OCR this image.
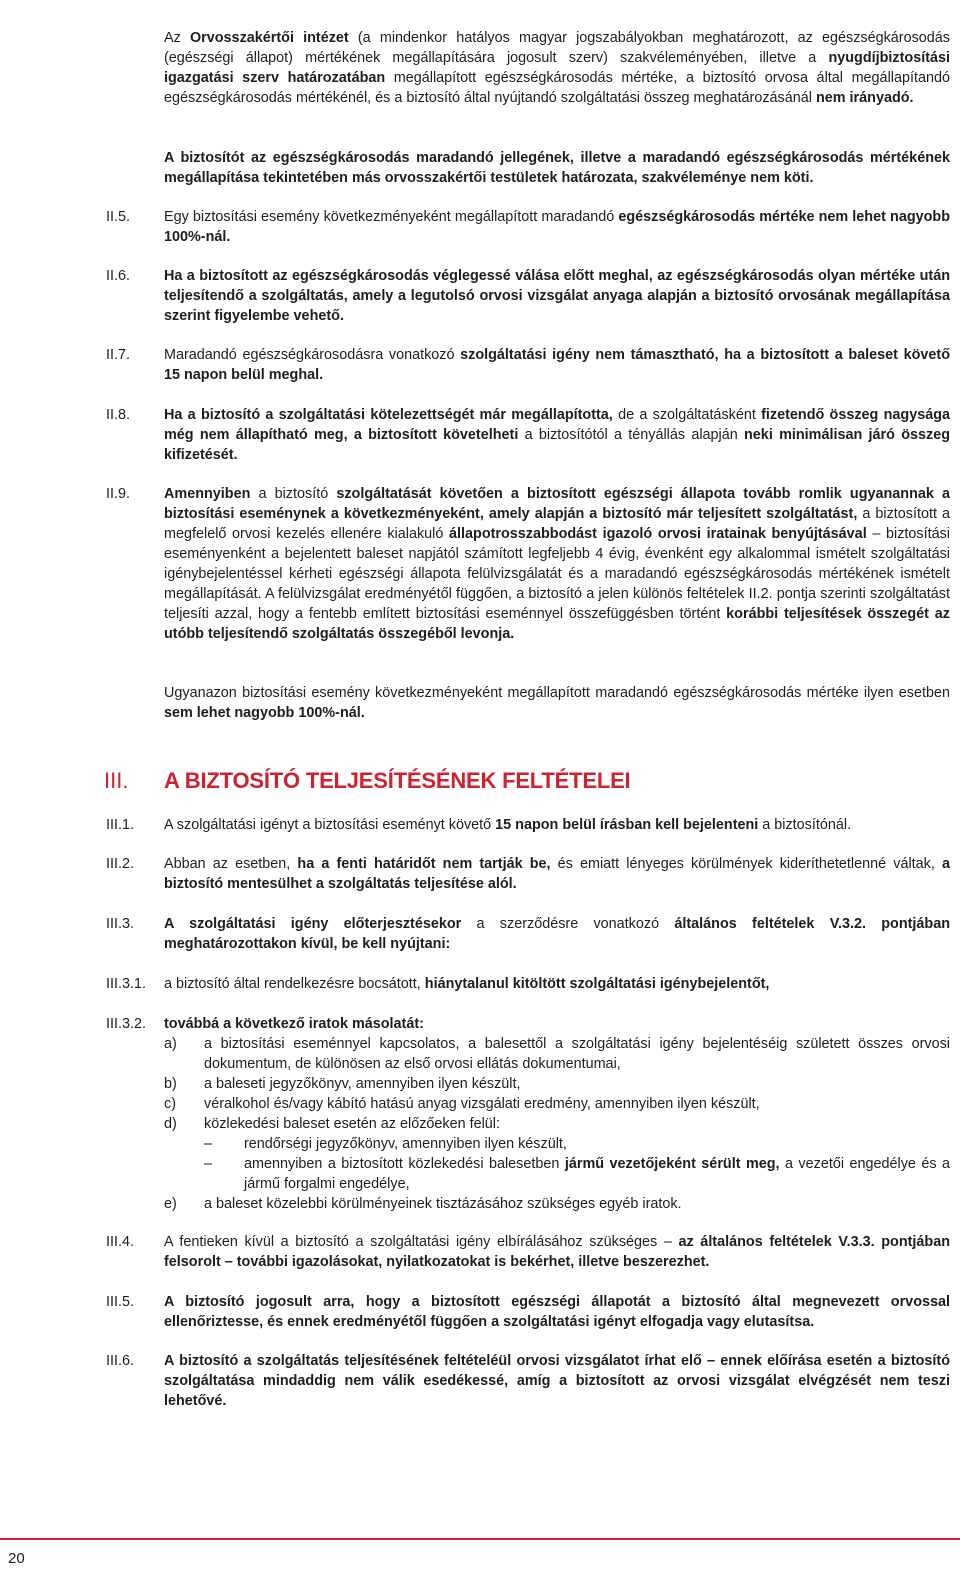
Az Orvosszakértői intézet (a mindenkor hatályos magyar jogszabályokban meghatározott, az egészségkárosodás (egészségi állapot) mértékének megállapítására jogosult szerv) szakvéleményében, illetve a nyugdíjbiztosítási igazgatási szerv határozatában megállapított egészségkárosodás mértéke, a biztosító orvosa által megállapítandó egészségkárosodás mértékénél, és a biztosító által nyújtandó szolgáltatási összeg meghatározásánál nem irányadó.

A biztosítót az egészségkárosodás maradandó jellegének, illetve a maradandó egészségkárosodás mértékének megállapítása tekintetében más orvosszakértői testületek határozata, szakvéleménye nem köti.

II.5. Egy biztosítási esemény következményeként megállapított maradandó egészségkárosodás mértéke nem lehet nagyobb 100%-nál.

II.6. Ha a biztosított az egészségkárosodás véglegessé válása előtt meghal, az egészségkárosodás olyan mértéke után teljesítendő a szolgáltatás, amely a legutolsó orvosi vizsgálat anyaga alapján a biztosító orvosának megállapítása szerint figyelembe vehető.

II.7. Maradandó egészségkárosodásra vonatkozó szolgáltatási igény nem támasztható, ha a biztosított a baleset követő 15 napon belül meghal.

II.8. Ha a biztosító a szolgáltatási kötelezettségét már megállapította, de a szolgáltatásként fizetendő összeg nagysága még nem állapítható meg, a biztosított követelheti a biztosítótól a tényállás alapján neki minimálisan járó összeg kifizetését.

II.9. Amennyiben a biztosító szolgáltatását követően a biztosított egészségi állapota tovább romlik ugyanannak a biztosítási eseménynek a következményeként, amely alapján a biztosító már teljesített szolgáltatást, a biztosított a megfelelő orvosi kezelés ellenére kialakuló állapotrosszabbodást igazoló orvosi iratainak benyújtásával – biztosítási eseményenként a bejelentett baleset napjától számított legfeljebb 4 évig, évenként egy alkalommal ismételt szolgáltatási igénybejelentéssel kérheti egészségi állapota felülvizsgálatát és a maradandó egészségkárosodás mértékének ismételt megállapítását. A felülvizsgálat eredményétől függően, a biztosító a jelen különös feltételek II.2. pontja szerinti szolgáltatást teljesíti azzal, hogy a fentebb említett biztosítási eseménnyel összefüggésben történt korábbi teljesítések összegét az utóbb teljesítendő szolgáltatás összegéből levonja.

Ugyanazon biztosítási esemény következményeként megállapított maradandó egészségkárosodás mértéke ilyen esetben sem lehet nagyobb 100%-nál.

III. A BIZTOSÍTÓ TELJESÍTÉSÉNEK FELTÉTELEI

III.1. A szolgáltatási igényt a biztosítási eseményt követő 15 napon belül írásban kell bejelenteni a biztosítónál.

III.2. Abban az esetben, ha a fenti határidőt nem tartják be, és emiatt lényeges körülmények kideríthetetlenné váltak, a biztosító mentesülhet a szolgáltatás teljesítése alól.

III.3. A szolgáltatási igény előterjesztésekor a szerződésre vonatkozó általános feltételek V.3.2. pontjában meghatározottakon kívül, be kell nyújtani:

III.3.1. a biztosító által rendelkezésre bocsátott, hiánytalanul kitöltött szolgáltatási igénybejelentőt,

III.3.2. továbbá a következő iratok másolatát:

a) a biztosítási eseménnyel kapcsolatos, a balesettől a szolgáltatási igény bejelentéséig született összes orvosi dokumentum, de különösen az első orvosi ellátás dokumentumai,
b) a baleseti jegyzőkönyv, amennyiben ilyen készült,
c) véralkohol és/vagy kábító hatású anyag vizsgálati eredmény, amennyiben ilyen készült,
d) közlekedési baleset esetén az előzőeken felül:
– rendőrségi jegyzőkönyv, amennyiben ilyen készült,
– amennyiben a biztosított közlekedési balesetben jármű vezetőjeként sérült meg, a vezetői engedélye és a jármű forgalmi engedélye,
e) a baleset közelebbi körülményeinek tisztázásához szükséges egyéb iratok.

III.4. A fentieken kívül a biztosító a szolgáltatási igény elbírálásához szükséges – az általános feltételek V.3.3. pontjában felsorolt – további igazolásokat, nyilatkozatokat is bekérhet, illetve beszerezhet.

III.5. A biztosító jogosult arra, hogy a biztosított egészségi állapotát a biztosító által megnevezett orvossal ellenőriztesse, és ennek eredményétől függően a szolgáltatási igényt elfogadja vagy elutasítsa.

III.6. A biztosító a szolgáltatás teljesítésének feltételéül orvosi vizsgálatot írhat elő – ennek előírása esetén a biztosító szolgáltatása mindaddig nem válik esedékessé, amíg a biztosított az orvosi vizsgálat elvégzését nem teszi lehetővé.

20
